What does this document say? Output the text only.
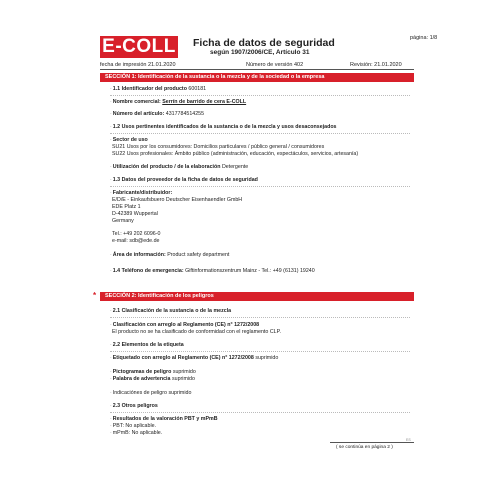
E-COLL Ficha de datos de seguridad
según 1907/2006/CE, Artículo 31
página: 1/8
fecha de impresión 21.01.2020	Número de versión 402	Revisión: 21.01.2020
SECCIÓN 1: Identificación de la sustancia o la mezcla y de la sociedad o la empresa
·1.1 Identificador del producto 600181
·Nombre comercial: Serrín de barrido de cera E-COLL
·Número del artículo: 4317784514255
·1.2 Usos pertinentes identificados de la sustancia o de la mezcla y usos desaconsejados
·Sector de uso
SU21 Usos por los consumidores: Domicilios particulares / público general / consumidores
SU22 Usos profesionales: Ámbito público (administración, educación, espectáculos, servicios, artesanía)
·Utilización del producto / de la elaboración Detergente
·1.3 Datos del proveedor de la ficha de datos de seguridad
·Fabricante/distribuidor:
E/D/E - Einkaufsbuero Deutscher Eisenhaendler GmbH
EDE Platz 1
D-42389 Wuppertal
Germany
Tel.: +49 202 6096-0
e-mail: sdb@ede.de
·Área de información: Product safety department
·1.4 Teléfono de emergencia: Giftinformationszentrum Mainz - Tel.: +49 (6131) 19240
*	SECCIÓN 2: Identificación de los peligros
·2.1 Clasificación de la sustancia o de la mezcla
·Clasificación con arreglo al Reglamento (CE) n° 1272/2008
El producto no se ha clasificado de conformidad con el reglamento CLP.
·2.2 Elementos de la etiqueta
·Etiquetado con arreglo al Reglamento (CE) n° 1272/2008 suprimido
·Pictogramas de peligro suprimido
·Palabra de advertencia suprimido
·Indicaciónes de peligro suprimido
·2.3 Otros peligros
·Resultados de la valoración PBT y mPmB
·PBT: No aplicable.
·mPmB: No aplicable.
ES
( se continúa en página 2 )
